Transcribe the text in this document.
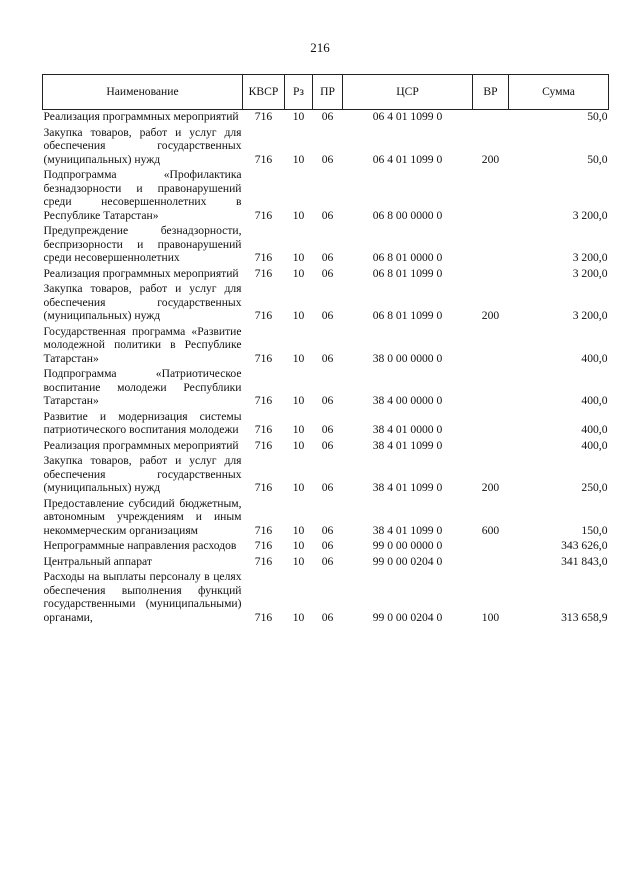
216
Наименование	КВСР	Рз	ПР	ЦСР	ВР	Сумма
Реализация программных мероприятий	716	10	06	06 4 01 1099 0		50,0
Закупка товаров, работ и услуг для обеспечения государственных (муниципальных) нужд	716	10	06	06 4 01 1099 0	200	50,0
Подпрограмма «Профилактика безнадзорности и правонарушений среди несовершеннолетних в Республике Татарстан»	716	10	06	06 8 00 0000 0		3 200,0
Предупреждение безнадзорности, беспризорности и правонарушений среди несовершеннолетних	716	10	06	06 8 01 0000 0		3 200,0
Реализация программных мероприятий	716	10	06	06 8 01 1099 0		3 200,0
Закупка товаров, работ и услуг для обеспечения государственных (муниципальных) нужд	716	10	06	06 8 01 1099 0	200	3 200,0
Государственная программа «Развитие молодежной политики в Республике Татарстан»	716	10	06	38 0 00 0000 0		400,0
Подпрограмма «Патриотическое воспитание молодежи Республики Татарстан»	716	10	06	38 4 00 0000 0		400,0
Развитие и модернизация системы патриотического воспитания молодежи	716	10	06	38 4 01 0000 0		400,0
Реализация программных мероприятий	716	10	06	38 4 01 1099 0		400,0
Закупка товаров, работ и услуг для обеспечения государственных (муниципальных) нужд	716	10	06	38 4 01 1099 0	200	250,0
Предоставление субсидий бюджетным, автономным учреждениям и иным некоммерческим организациям	716	10	06	38 4 01 1099 0	600	150,0
Непрограммные направления расходов	716	10	06	99 0 00 0000 0		343 626,0
Центральный аппарат	716	10	06	99 0 00 0204 0		341 843,0
Расходы на выплаты персоналу в целях обеспечения выполнения функций государственными (муниципальными) органами,	716	10	06	99 0 00 0204 0	100	313 658,9
